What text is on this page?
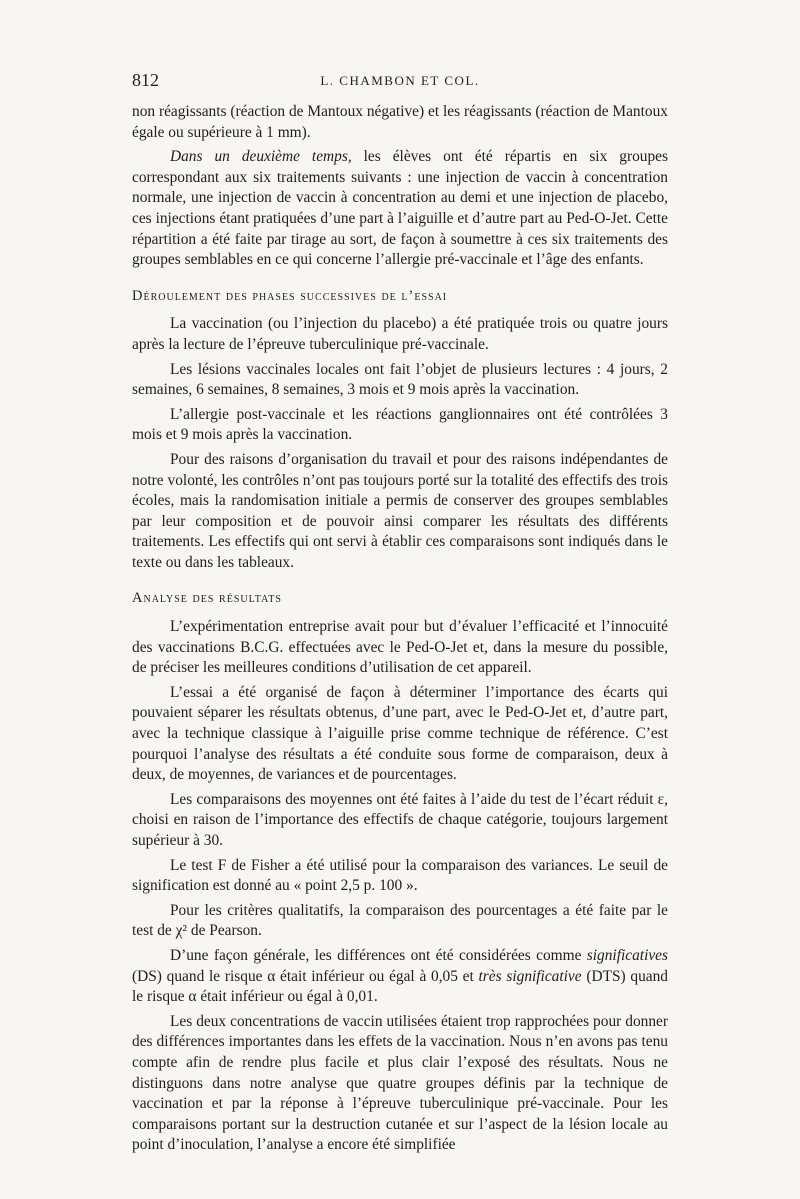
812	L. CHAMBON ET COL.

non réagissants (réaction de Mantoux négative) et les réagissants (réaction de Mantoux égale ou supérieure à 1 mm).

Dans un deuxième temps, les élèves ont été répartis en six groupes correspondant aux six traitements suivants : une injection de vaccin à concentration normale, une injection de vaccin à concentration au demi et une injection de placebo, ces injections étant pratiquées d’une part à l’aiguille et d’autre part au Ped-O-Jet. Cette répartition a été faite par tirage au sort, de façon à soumettre à ces six traitements des groupes semblables en ce qui concerne l’allergie pré-vaccinale et l’âge des enfants.

Déroulement des phases successives de l’essai

La vaccination (ou l’injection du placebo) a été pratiquée trois ou quatre jours après la lecture de l’épreuve tuberculinique pré-vaccinale.

Les lésions vaccinales locales ont fait l’objet de plusieurs lectures : 4 jours, 2 semaines, 6 semaines, 8 semaines, 3 mois et 9 mois après la vaccination.

L’allergie post-vaccinale et les réactions ganglionnaires ont été contrôlées 3 mois et 9 mois après la vaccination.

Pour des raisons d’organisation du travail et pour des raisons indépendantes de notre volonté, les contrôles n’ont pas toujours porté sur la totalité des effectifs des trois écoles, mais la randomisation initiale a permis de conserver des groupes semblables par leur composition et de pouvoir ainsi comparer les résultats des différents traitements. Les effectifs qui ont servi à établir ces comparaisons sont indiqués dans le texte ou dans les tableaux.

Analyse des résultats

L’expérimentation entreprise avait pour but d’évaluer l’efficacité et l’innocuité des vaccinations B.C.G. effectuées avec le Ped-O-Jet et, dans la mesure du possible, de préciser les meilleures conditions d’utilisation de cet appareil.

L’essai a été organisé de façon à déterminer l’importance des écarts qui pouvaient séparer les résultats obtenus, d’une part, avec le Ped-O-Jet et, d’autre part, avec la technique classique à l’aiguille prise comme technique de référence. C’est pourquoi l’analyse des résultats a été conduite sous forme de comparaison, deux à deux, de moyennes, de variances et de pourcentages.

Les comparaisons des moyennes ont été faites à l’aide du test de l’écart réduit ε, choisi en raison de l’importance des effectifs de chaque catégorie, toujours largement supérieur à 30.

Le test F de Fisher a été utilisé pour la comparaison des variances. Le seuil de signification est donné au « point 2,5 p. 100 ».

Pour les critères qualitatifs, la comparaison des pourcentages a été faite par le test de χ² de Pearson.

D’une façon générale, les différences ont été considérées comme significatives (DS) quand le risque α était inférieur ou égal à 0,05 et très significative (DTS) quand le risque α était inférieur ou égal à 0,01.

Les deux concentrations de vaccin utilisées étaient trop rapprochées pour donner des différences importantes dans les effets de la vaccination. Nous n’en avons pas tenu compte afin de rendre plus facile et plus clair l’exposé des résultats. Nous ne distinguons dans notre analyse que quatre groupes définis par la technique de vaccination et par la réponse à l’épreuve tuberculinique pré-vaccinale. Pour les comparaisons portant sur la destruction cutanée et sur l’aspect de la lésion locale au point d’inoculation, l’analyse a encore été simplifiée
